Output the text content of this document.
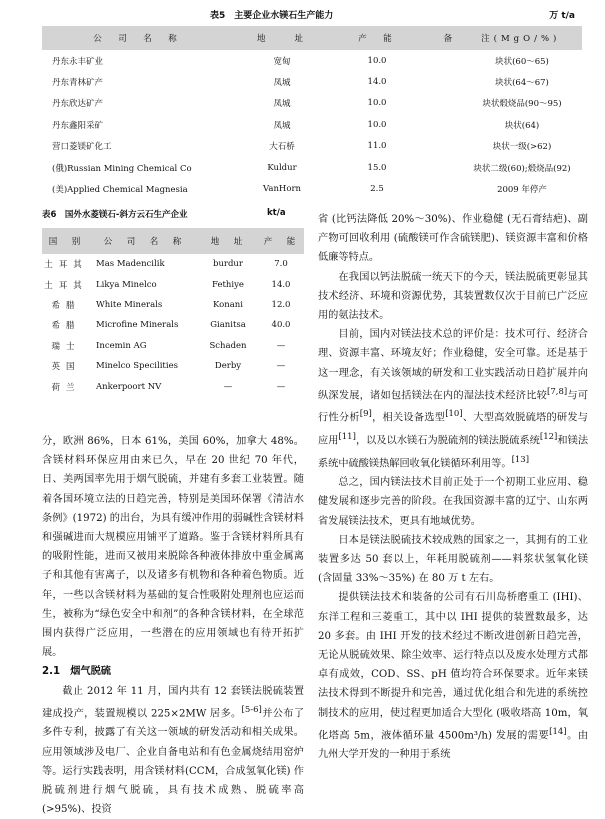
表5　主要企业水镁石生产能力	万 t/a
公　司　名　称	地　　址	产　能	备　　注(MgO/%)
丹东永丰矿业	宽甸	10.0	块状(60～65)
丹东青林矿产	凤城	14.0	块状(64～67)
丹东欣达矿产	凤城	10.0	块状煅烧品(90～95)
丹东鑫阳采矿	凤城	10.0	块状(64)
营口菱镁矿化工	大石桥	11.0	块状一级(>62)
(俄)Russian Mining Chemical Co	Kuldur	15.0	块状二级(60);煅烧品(92)
(美)Applied Chemical Magnesia	VanHorn	2.5	2009 年停产
表6　国外水菱镁石-斜方云石生产企业	kt/a
国　别	公　司　名　称	地　址	产　能
土耳其	Mas Madencilik	burdur	7.0
土耳其	Likya Minelco	Fethiye	14.0
希腊	White Minerals	Konani	12.0
希腊	Microfine Minerals	Gianitsa	40.0
瑞士	Incemin AG	Schaden	—
英国	Minelco Specilities	Derby	—
荷兰	Ankerpoort NV	—	—

分，欧洲 86%，日本 61%，美国 60%，加拿大 48%。含镁材料环保应用由来已久，早在 20 世纪 70 年代，日、美两国率先用于烟气脱硫，并建有多套工业装置。随着各国环境立法的日趋完善，特别是美国环保署《清洁水条例》(1972) 的出台，为具有缓冲作用的弱碱性含镁材料和强碱进而大规模应用铺平了道路。鉴于含镁材料所具有的吸附性能，进而又被用来脱除各种液体排放中重金属离子和其他有害离子，以及诸多有机物和各种着色物质。近年，一些以含镁材料为基础的复合性吸附处理剂也应运而生，被称为“绿色安全中和剂”的各种含镁材料，在全球范围内获得广泛应用，一些潜在的应用领域也有待开拓扩展。

2.1　烟气脱硫

截止 2012 年 11 月，国内共有 12 套镁法脱硫装置建成投产，装置规模以 225×2MW 居多。[5-6]并公布了多件专利，披露了有关这一领域的研发活动和相关成果。应用领域涉及电厂、企业自备电站和有色金属烧结用窑炉等。运行实践表明，用含镁材料(CCM，合成氢氧化镁) 作脱硫剂进行烟气脱硫，具有技术成熟、脱硫率高 (>95%)、投资

省 (比钙法降低 20%～30%)、作业稳健 (无石膏结疤)、副产物可回收利用 (硫酸镁可作含硫镁肥)、镁资源丰富和价格低廉等特点。

在我国以钙法脱硫一统天下的今天，镁法脱硫更彰显其技术经济、环境和资源优势，其装置数仅次于目前已广泛应用的氨法技术。

目前，国内对镁法技术总的评价是：技术可行、经济合理、资源丰富、环境友好；作业稳健，安全可靠。还是基于这一理念，有关该领域的研发和工业实践活动日趋扩展并向纵深发展，诸如包括镁法在内的湿法技术经济比较[7,8]与可行性分析[9]，相关设备选型[10]、大型高效脱硫塔的研发与应用[11]，以及以水镁石为脱硫剂的镁法脱硫系统[12]和镁法系统中硫酸镁热解回收氧化镁循环利用等。[13]

总之，国内镁法技术目前正处于一个初期工业应用、稳健发展和逐步完善的阶段。在我国资源丰富的辽宁、山东两省发展镁法技术，更具有地域优势。

日本是镁法脱硫技术较成熟的国家之一，其拥有的工业装置多达 50 套以上，年耗用脱硫剂——料浆状氢氧化镁 (含固量 33%～35%) 在 80 万 t 左右。

提供镁法技术和装备的公司有石川岛桥磨重工 (IHI)、东洋工程和三菱重工，其中以 IHI 提供的装置数最多，达 20 多套。由 IHI 开发的技术经过不断改进创新日趋完善，无论从脱硫效果、除尘效率、运行特点以及废水处理方式都卓有成效，COD、SS、pH 值均符合环保要求。近年来镁法技术得到不断提升和完善，通过优化组合和先进的系统控制技术的应用，使过程更加适合大型化 (吸收塔高 10m，氧化塔高 5m，液体循环量 4500m³/h) 发展的需要[14]。由九州大学开发的一种用于系统
